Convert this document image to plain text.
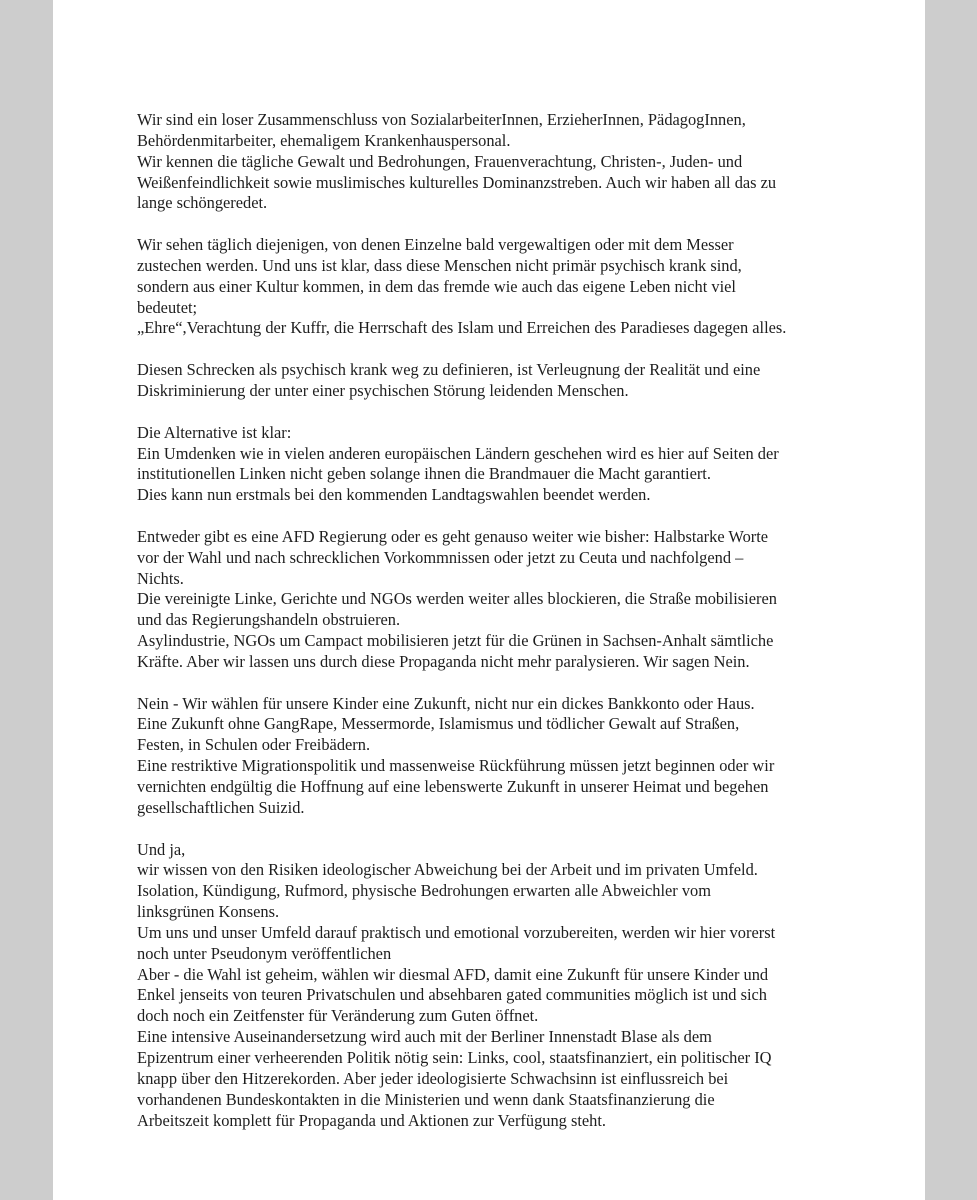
Wir sind ein loser Zusammenschluss von SozialarbeiterInnen, ErzieherInnen, PädagogInnen,
Behördenmitarbeiter, ehemaligem Krankenhauspersonal.
Wir kennen die tägliche Gewalt und Bedrohungen, Frauenverachtung, Christen-, Juden- und
Weißenfeindlichkeit sowie muslimisches kulturelles Dominanzstreben. Auch wir haben all das zu
lange schöngeredet.
Wir sehen täglich diejenigen, von denen Einzelne bald vergewaltigen oder mit dem Messer
zustechen werden. Und uns ist klar, dass diese Menschen nicht primär psychisch krank sind,
sondern aus einer Kultur kommen, in dem das fremde wie auch das eigene Leben nicht viel
bedeutet;
„Ehre“,Verachtung der Kuffr, die Herrschaft des Islam und Erreichen des Paradieses dagegen alles.
Diesen Schrecken als psychisch krank weg zu definieren, ist Verleugnung der Realität und eine
Diskriminierung der unter einer psychischen Störung leidenden Menschen.
Die Alternative ist klar:
Ein Umdenken wie in vielen anderen europäischen Ländern geschehen wird es hier auf Seiten der
institutionellen Linken nicht geben solange ihnen die Brandmauer die Macht garantiert.
Dies kann nun erstmals bei den kommenden Landtagswahlen beendet werden.
Entweder gibt es eine AFD Regierung oder es geht genauso weiter wie bisher: Halbstarke Worte
vor der Wahl und nach schrecklichen Vorkommnissen oder jetzt zu Ceuta und nachfolgend –
Nichts.
Die vereinigte Linke, Gerichte und NGOs werden weiter alles blockieren, die Straße mobilisieren
und das Regierungshandeln obstruieren.
Asylindustrie, NGOs um Campact mobilisieren jetzt für die Grünen in Sachsen-Anhalt sämtliche
Kräfte. Aber wir lassen uns durch diese Propaganda nicht mehr paralysieren. Wir sagen Nein.
Nein - Wir wählen für unsere Kinder eine Zukunft, nicht nur ein dickes Bankkonto oder Haus.
Eine Zukunft ohne GangRape, Messermorde, Islamismus und tödlicher Gewalt auf Straßen,
Festen, in Schulen oder Freibädern.
Eine restriktive Migrationspolitik und massenweise Rückführung müssen jetzt beginnen oder wir
vernichten endgültig die Hoffnung auf eine lebenswerte Zukunft in unserer Heimat und begehen
gesellschaftlichen Suizid.
Und ja,
wir wissen von den Risiken ideologischer Abweichung bei der Arbeit und im privaten Umfeld.
Isolation, Kündigung, Rufmord, physische Bedrohungen erwarten alle Abweichler vom
linksgrünen Konsens.
Um uns und unser Umfeld darauf praktisch und emotional vorzubereiten, werden wir hier vorerst
noch unter Pseudonym veröffentlichen
Aber - die Wahl ist geheim, wählen wir diesmal AFD, damit eine Zukunft für unsere Kinder und
Enkel jenseits von teuren Privatschulen und absehbaren gated communities möglich ist und sich
doch noch ein Zeitfenster für Veränderung zum Guten öffnet.
Eine intensive Auseinandersetzung wird auch mit der Berliner Innenstadt Blase als dem
Epizentrum einer verheerenden Politik nötig sein: Links, cool, staatsfinanziert, ein politischer IQ
knapp über den Hitzerekorden. Aber jeder ideologisierte Schwachsinn ist einflussreich bei
vorhandenen Bundeskontakten in die Ministerien und wenn dank Staatsfinanzierung die
Arbeitszeit komplett für Propaganda und Aktionen zur Verfügung steht.
